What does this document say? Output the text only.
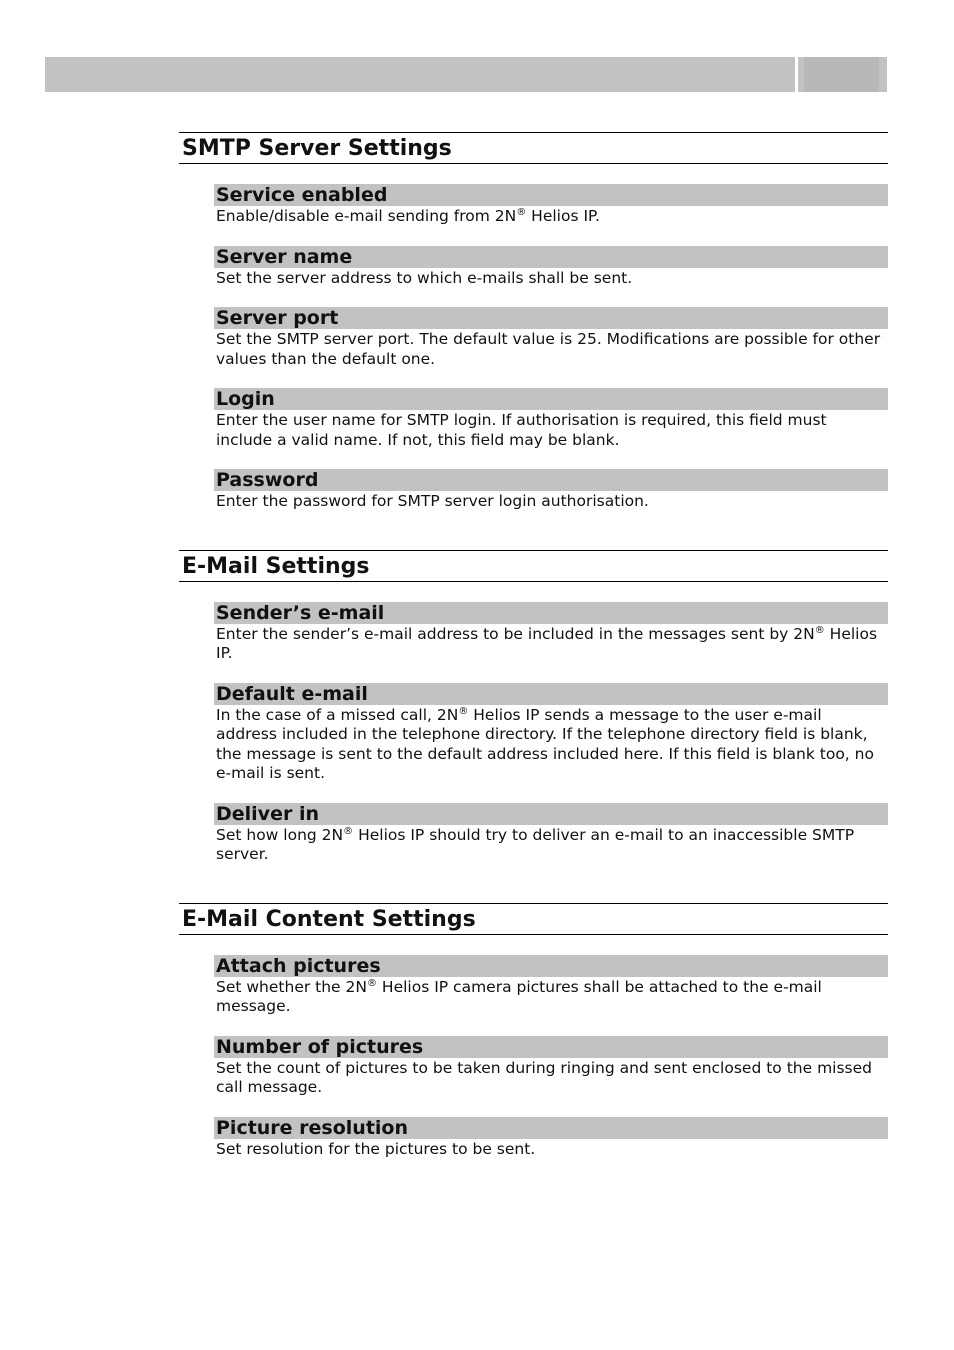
SMTP Server Settings
Service enabled
Enable/disable e-mail sending from 2N® Helios IP.
Server name
Set the server address to which e-mails shall be sent.
Server port
Set the SMTP server port. The default value is 25. Modifications are possible for other values than the default one.
Login
Enter the user name for SMTP login. If authorisation is required, this field must include a valid name. If not, this field may be blank.
Password
Enter the password for SMTP server login authorisation.
E-Mail Settings
Sender’s e-mail
Enter the sender’s e-mail address to be included in the messages sent by 2N® Helios IP.
Default e-mail
In the case of a missed call, 2N® Helios IP sends a message to the user e-mail address included in the telephone directory. If the telephone directory field is blank, the message is sent to the default address included here. If this field is blank too, no e-mail is sent.
Deliver in
Set how long 2N® Helios IP should try to deliver an e-mail to an inaccessible SMTP server.
E-Mail Content Settings
Attach pictures
Set whether the 2N® Helios IP camera pictures shall be attached to the e-mail message.
Number of pictures
Set the count of pictures to be taken during ringing and sent enclosed to the missed call message.
Picture resolution
Set resolution for the pictures to be sent.
